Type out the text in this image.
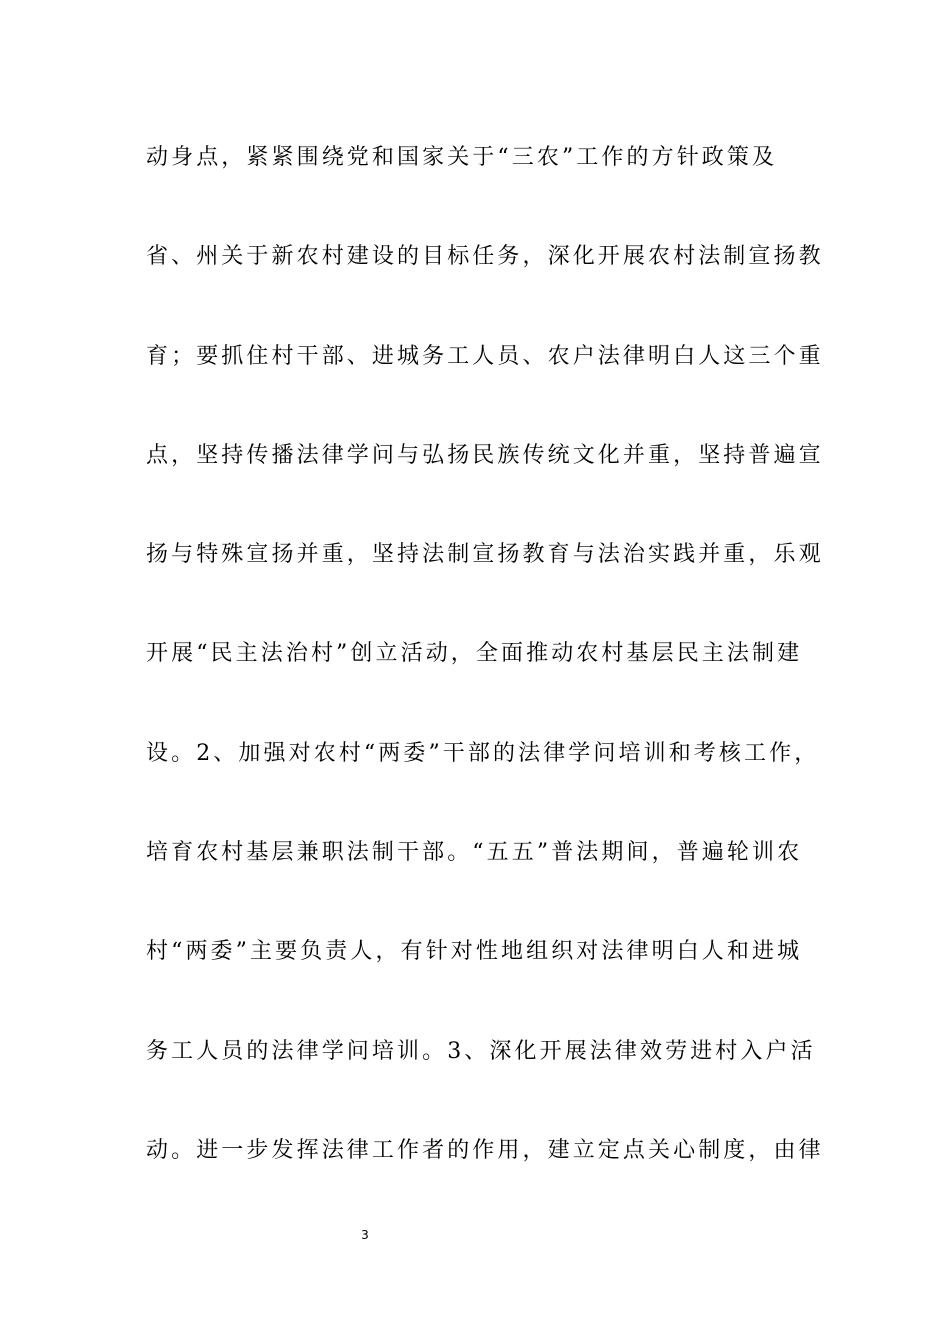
动身点，紧紧围绕党和国家关于“三农”工作的方针政策及
省、州关于新农村建设的目标任务，深化开展农村法制宣扬教
育；要抓住村干部、进城务工人员、农户法律明白人这三个重
点，坚持传播法律学问与弘扬民族传统文化并重，坚持普遍宣
扬与特殊宣扬并重，坚持法制宣扬教育与法治实践并重，乐观
开展“民主法治村”创立活动，全面推动农村基层民主法制建
设。2、加强对农村“两委”干部的法律学问培训和考核工作，
培育农村基层兼职法制干部。“五五”普法期间，普遍轮训农
村“两委”主要负责人，有针对性地组织对法律明白人和进城
务工人员的法律学问培训。3、深化开展法律效劳进村入户活
动。进一步发挥法律工作者的作用，建立定点关心制度，由律
3
